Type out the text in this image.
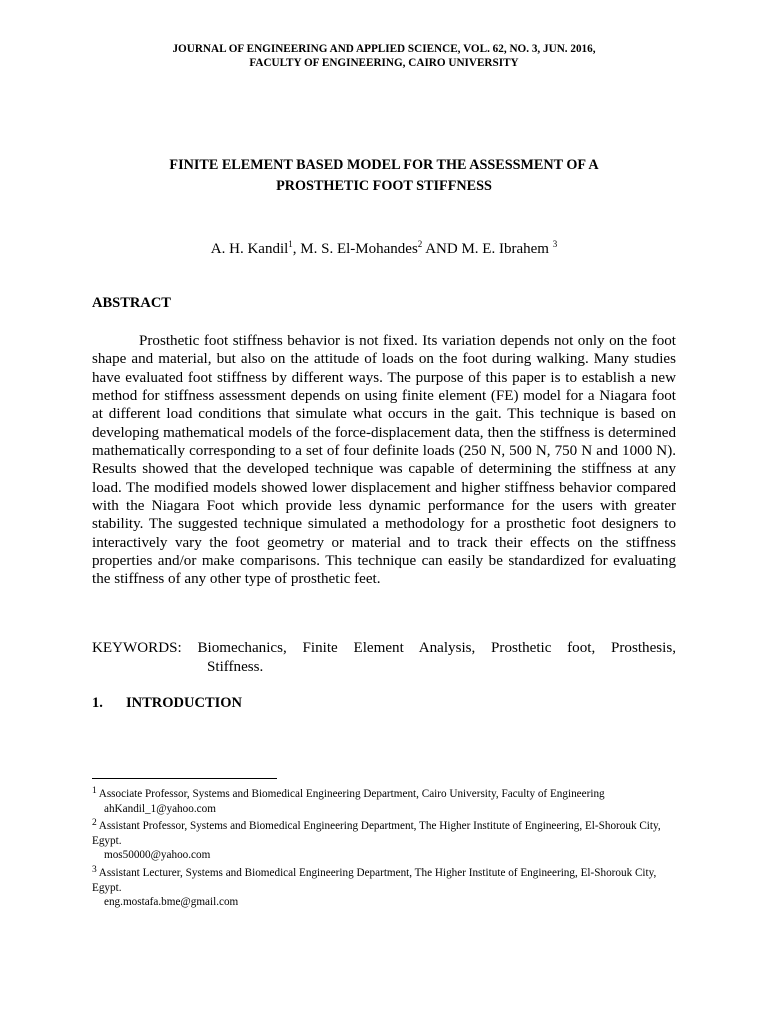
JOURNAL OF ENGINEERING AND APPLIED SCIENCE, VOL. 62, NO. 3, JUN. 2016,
FACULTY OF ENGINEERING, CAIRO UNIVERSITY
FINITE ELEMENT BASED MODEL FOR THE ASSESSMENT OF A
PROSTHETIC FOOT STIFFNESS
A. H. Kandil$^1$, M. S. El-Mohandes$^2$ AND M. E. Ibrahem $^3$
ABSTRACT

Prosthetic foot stiffness behavior is not fixed. Its variation depends not only on the foot shape and material, but also on the attitude of loads on the foot during walking. Many studies have evaluated foot stiffness by different ways. The purpose of this paper is to establish a new method for stiffness assessment depends on using finite element (FE) model for a Niagara foot at different load conditions that simulate what occurs in the gait. This technique is based on developing mathematical models of the force-displacement data, then the stiffness is determined mathematically corresponding to a set of four definite loads (250 N, 500 N, 750 N and 1000 N). Results showed that the developed technique was capable of determining the stiffness at any load. The modified models showed lower displacement and higher stiffness behavior compared with the Niagara Foot which provide less dynamic performance for the users with greater stability. The suggested technique simulated a methodology for a prosthetic foot designers to interactively vary the foot geometry or material and to track their effects on the stiffness properties and/or make comparisons. This technique can easily be standardized for evaluating the stiffness of any other type of prosthetic feet.

KEYWORDS: Biomechanics, Finite Element Analysis, Prosthetic foot, Prosthesis,
Stiffness.
1. INTRODUCTION
$^1$ Associate Professor, Systems and Biomedical Engineering Department, Cairo University, Faculty of Engineering
ahKandil_1@yahoo.com
$^2$ Assistant Professor, Systems and Biomedical Engineering Department, The Higher Institute of Engineering, El-Shorouk City, Egypt.
mos50000@yahoo.com
$^3$ Assistant Lecturer, Systems and Biomedical Engineering Department, The Higher Institute of Engineering, El-Shorouk City, Egypt.
eng.mostafa.bme@gmail.com
